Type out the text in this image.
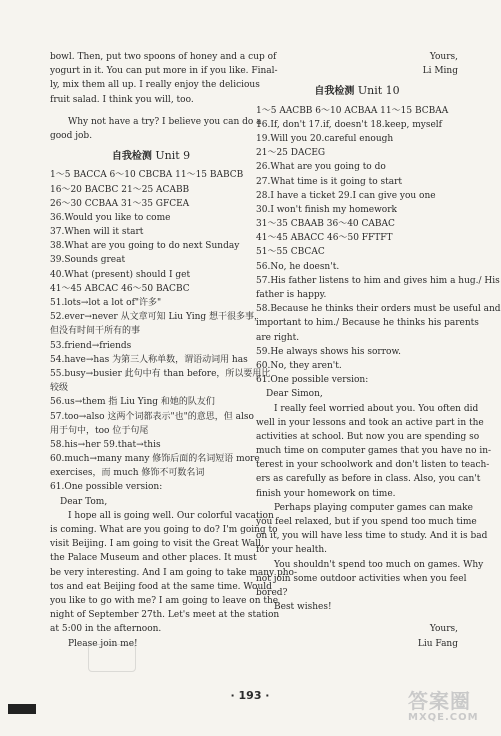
bowl. Then, put two spoons of honey and a cup of
yogurt in it. You can put more in if you like. Final-
ly, mix them all up. I really enjoy the delicious
fruit salad. I think you will, too.
Why not have a try? I believe you can do a
good job.
自我检测 Unit 9
1～5 BACCA 6～10 CBCBA 11～15 BABCB
16～20 BACBC 21～25 ACABB
26～30 CCBAA 31～35 GFCEA
36.Would you like to come
37.When will it start
38.What are you going to do next Sunday
39.Sounds great
40.What (present) should I get
41～45 ABCAC 46～50 BACBC
51.lots→lot a lot of"许多"
52.ever→never 从文章可知 Liu Ying 想干很多事，
但没有时间干所有的事
53.friend→friends
54.have→has 为第三人称单数，谓语动词用 has
55.busy→busier 此句中有 than before，所以要用比
较级
56.us→them 指 Liu Ying 和她的队友们
57.too→also 这两个词都表示"也"的意思，但 also
用于句中，too 位于句尾
58.his→her 59.that→this
60.much→many many 修饰后面的名词短语 more
exercises，而 much 修饰不可数名词
61.One possible version:
Dear Tom,
I hope all is going well. Our colorful vacation
is coming. What are you going to do? I'm going to
visit Beijing. I am going to visit the Great Wall,
the Palace Museum and other places. It must
be very interesting. And I am going to take many pho-
tos and eat Beijing food at the same time. Would
you like to go with me? I am going to leave on the
night of September 27th. Let's meet at the station
at 5:00 in the afternoon.
Please join me!
Yours,
Li Ming
自我检测 Unit 10
1～5 AACBB 6～10 ACBAA 11～15 BCBAA
16.If, don't 17.if, doesn't 18.keep, myself
19.Will you 20.careful enough
21～25 DACEG
26.What are you going to do
27.What time is it going to start
28.I have a ticket 29.I can give you one
30.I won't finish my homework
31～35 CBAAB 36～40 CABAC
41～45 ABACC 46～50 FFTFT
51～55 CBCAC
56.No, he doesn't.
57.His father listens to him and gives him a hug./ His
father is happy.
58.Because he thinks their orders must be useful and
important to him./ Because he thinks his parents
are right.
59.He always shows his sorrow.
60.No, they aren't.
61.One possible version:
Dear Simon,
I really feel worried about you. You often did
well in your lessons and took an active part in the
activities at school. But now you are spending so
much time on computer games that you have no in-
terest in your schoolwork and don't listen to teach-
ers as carefully as before in class. Also, you can't
finish your homework on time.
Perhaps playing computer games can make
you feel relaxed, but if you spend too much time
on it, you will have less time to study. And it is bad
for your health.
You shouldn't spend too much on games. Why
not join some outdoor activities when you feel
bored?
Best wishes!
Yours,
Liu Fang
· 193 ·	答案圈
MXQE.COM
